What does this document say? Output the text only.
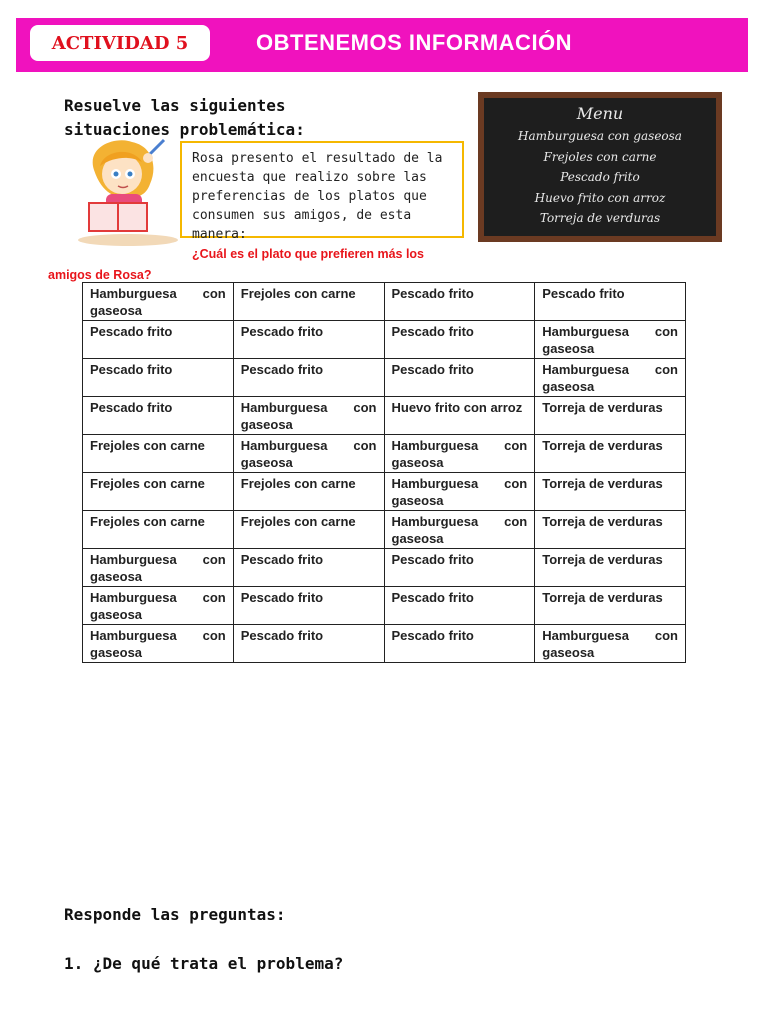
ACTIVIDAD 5	OBTENEMOS INFORMACIÓN
Resuelve las siguientes situaciones problemática:
Rosa presento el resultado de la encuesta que realizo sobre las preferencias de los platos que consumen sus amigos, de esta manera:
Menu
Hamburguesa con gaseosa
Frejoles con carne
Pescado frito
Huevo frito con arroz
Torreja de verduras
¿Cuál es el plato que prefieren más los
amigos de Rosa?
Hamburguesa con gaseosa	Frejoles con carne	Pescado frito	Pescado frito
Pescado frito	Pescado frito	Pescado frito	Hamburguesa con gaseosa
Pescado frito	Pescado frito	Pescado frito	Hamburguesa con gaseosa
Pescado frito	Hamburguesa con gaseosa	Huevo frito con arroz	Torreja de verduras
Frejoles con carne	Hamburguesa con gaseosa	Hamburguesa con gaseosa	Torreja de verduras
Frejoles con carne	Frejoles con carne	Hamburguesa con gaseosa	Torreja de verduras
Frejoles con carne	Frejoles con carne	Hamburguesa con gaseosa	Torreja de verduras
Hamburguesa con gaseosa	Pescado frito	Pescado frito	Torreja de verduras
Hamburguesa con gaseosa	Pescado frito	Pescado frito	Torreja de verduras
Hamburguesa con gaseosa	Pescado frito	Pescado frito	Hamburguesa con gaseosa
Responde las preguntas:
1. ¿De qué trata el problema?
